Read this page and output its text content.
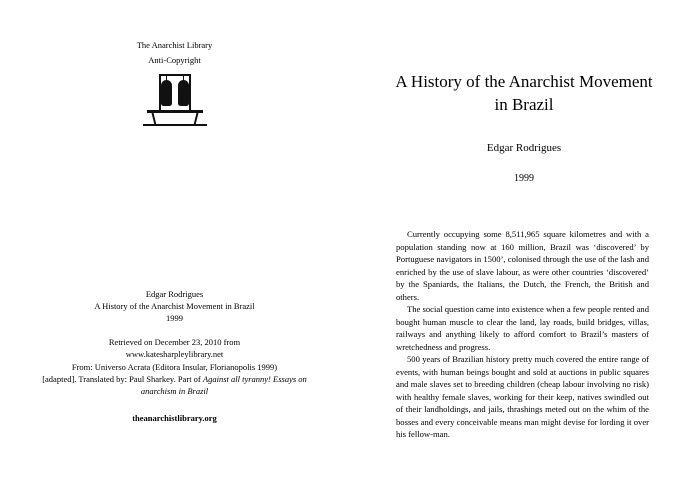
The Anarchist Library
Anti-Copyright

Edgar Rodrigues

A History of the Anarchist Movement in Brazil

1999

Retrieved on December 23, 2010 from

www.katesharpleylibrary.net

From: Universo Acrata (Editora Insular, Florianopolis 1999)

[adapted]. Translated by: Paul Sharkey. Part of Against all tyranny! Essays on anarchism in Brazil

theanarchistlibrary.org

A History of the Anarchist Movement in Brazil

Edgar Rodrigues

1999

Currently occupying some 8,511,965 square kilometres and with a population standing now at 160 million, Brazil was ‘discovered’ by Portuguese navigators in 1500’, colonised through the use of the lash and enriched by the use of slave labour, as were other countries ‘discovered’ by the Spaniards, the Italians, the Dutch, the French, the British and others.

The social question came into existence when a few people rented and bought human muscle to clear the land, lay roads, build bridges, villas, railways and anything likely to afford comfort to Brazil’s masters of wretchedness and progress.

500 years of Brazilian history pretty much covered the entire range of events, with human beings bought and sold at auctions in public squares and male slaves set to breeding children (cheap labour involving no risk) with healthy female slaves, working for their keep, natives swindled out of their landholdings, and jails, thrashings meted out on the whim of the bosses and every conceivable means man might devise for lording it over his fellow-man.
